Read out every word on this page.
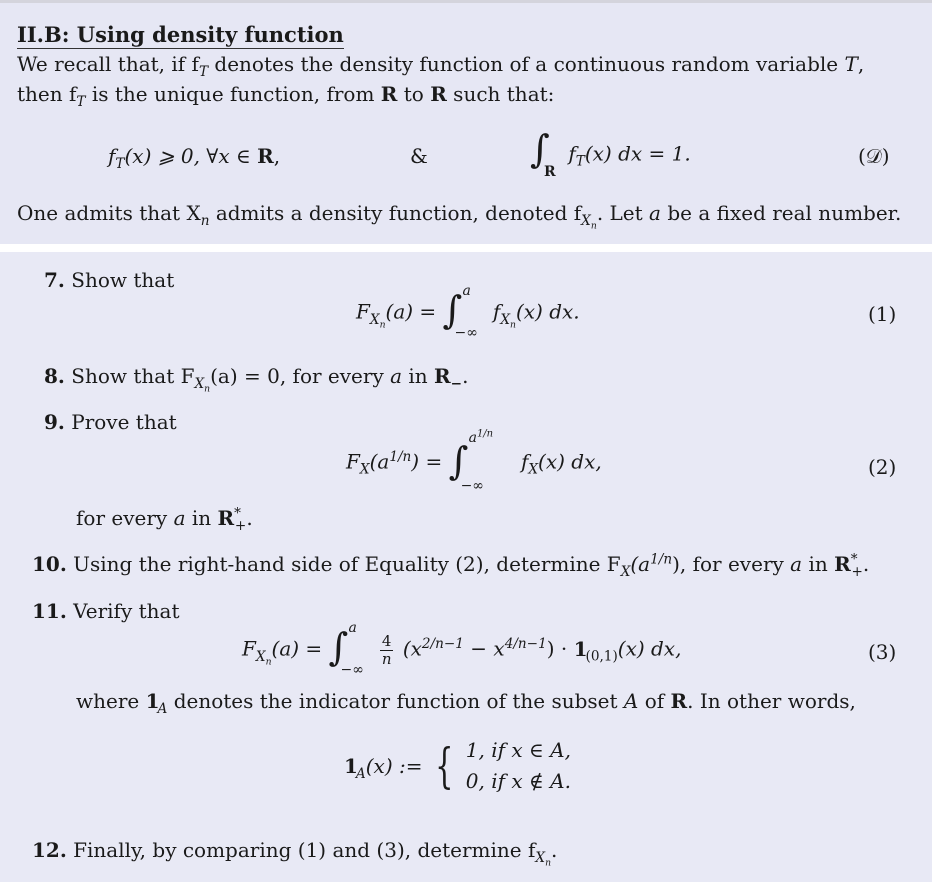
II.B: Using density function
We recall that, if $f_T$ denotes the density function of a continuous random variable T,
then $f_T$ is the unique function, from R to R such that:
$f_T(x)$ ⩾ 0, ∀x ∈ R,	&	∫
R
$f_T(x)$ dx = 1.	(𝒟)
One admits that $X_n$ admits a density function, denoted $f_{X_n}$. Let a be a fixed real number.
7. Show that
$F_{X_n}(a)$ = ∫ a
−∞
$f_{X_n}(x)$ dx.	(1)
8. Show that $F_{X_n}(a) = 0$, for every a in $R_-$.
9. Prove that
$F_X(a^{1/n})$ = ∫
$a^{1/n}$
−∞
$f_X(x)$ dx,	(2)
for every a in $R^*_+$.
10. Using the right-hand side of Equality (2), determine $F_X(a^{1/n})$, for every a in $R^*_+$.
11. Verify that
$F_{X_n}(a)$ = ∫ a
−∞

$\frac{4}{n} (x^{2/n-1} - x^{4/n-1}) \cdot 1_{(0,1)}(x)$ dx,	(3)
where $1_A$ denotes the indicator function of the subset A of R. In other words,
$1_A(x)$ := { 1, if x ∈ A,
0, if x ∉ A.
12. Finally, by comparing (1) and (3), determine $f_{X_n}$.
